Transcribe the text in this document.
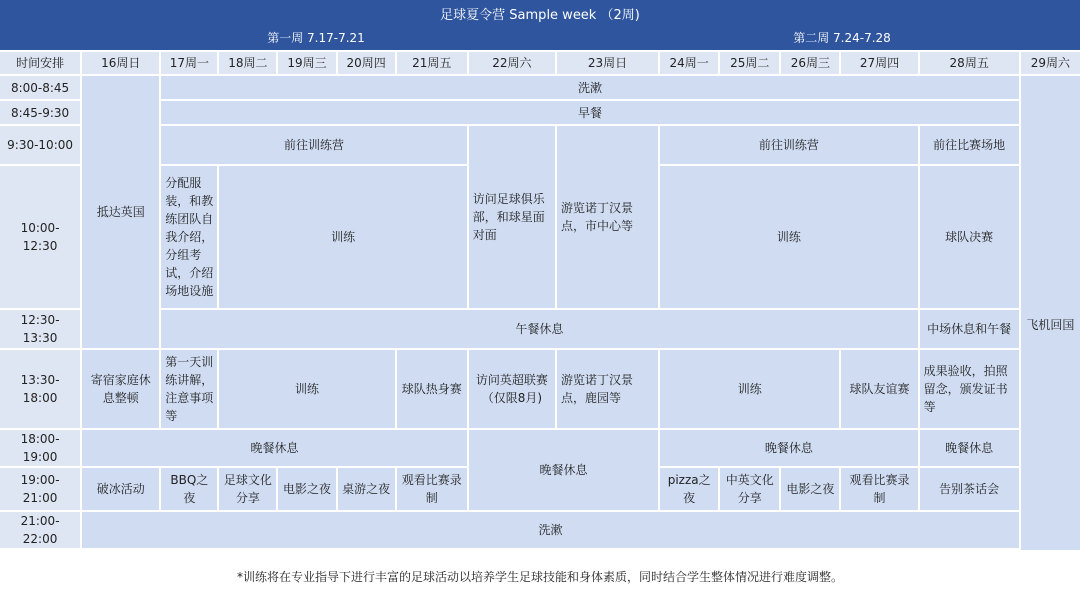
足球夏令营 Sample week （2周)
第一周 7.17-7.21	第二周 7.24-7.28
时间安排	16周日	17周一	18周二	19周三	20周四	21周五	22周六	23周日	24周一	25周二	26周三	27周四	28周五	29周六
8:00-8:45	抵达英国	洗漱												飞机回国
8:45-9:30		早餐												
9:30-10:00		前往训练营					访问足球俱乐部，和球星面对面	游览诺丁汉景点，市中心等	前往训练营				前往比赛场地	
10:00-12:30		分配服装，和教练团队自我介绍，分组考试，介绍场地设施	训练						训练				球队决赛	
12:30-13:30		午餐休息											中场休息和午餐	
13:30-18:00	寄宿家庭休息整顿	第一天训练讲解，注意事项等	训练			球队热身赛	访问英超联赛（仅限8月)	游览诺丁汉景点，鹿园等	训练			球队友谊赛	成果验收，拍照留念，颁发证书等	
18:00-19:00	晚餐休息						晚餐休息		晚餐休息				晚餐休息	
19:00-21:00	破冰活动	BBQ之夜	足球文化分享	电影之夜	桌游之夜	观看比赛录制			pizza之夜	中英文化分享	电影之夜	观看比赛录制	告别茶话会	
21:00-22:00	洗漱													

*训练将在专业指导下进行丰富的足球活动以培养学生足球技能和身体素质，同时结合学生整体情况进行难度调整。
